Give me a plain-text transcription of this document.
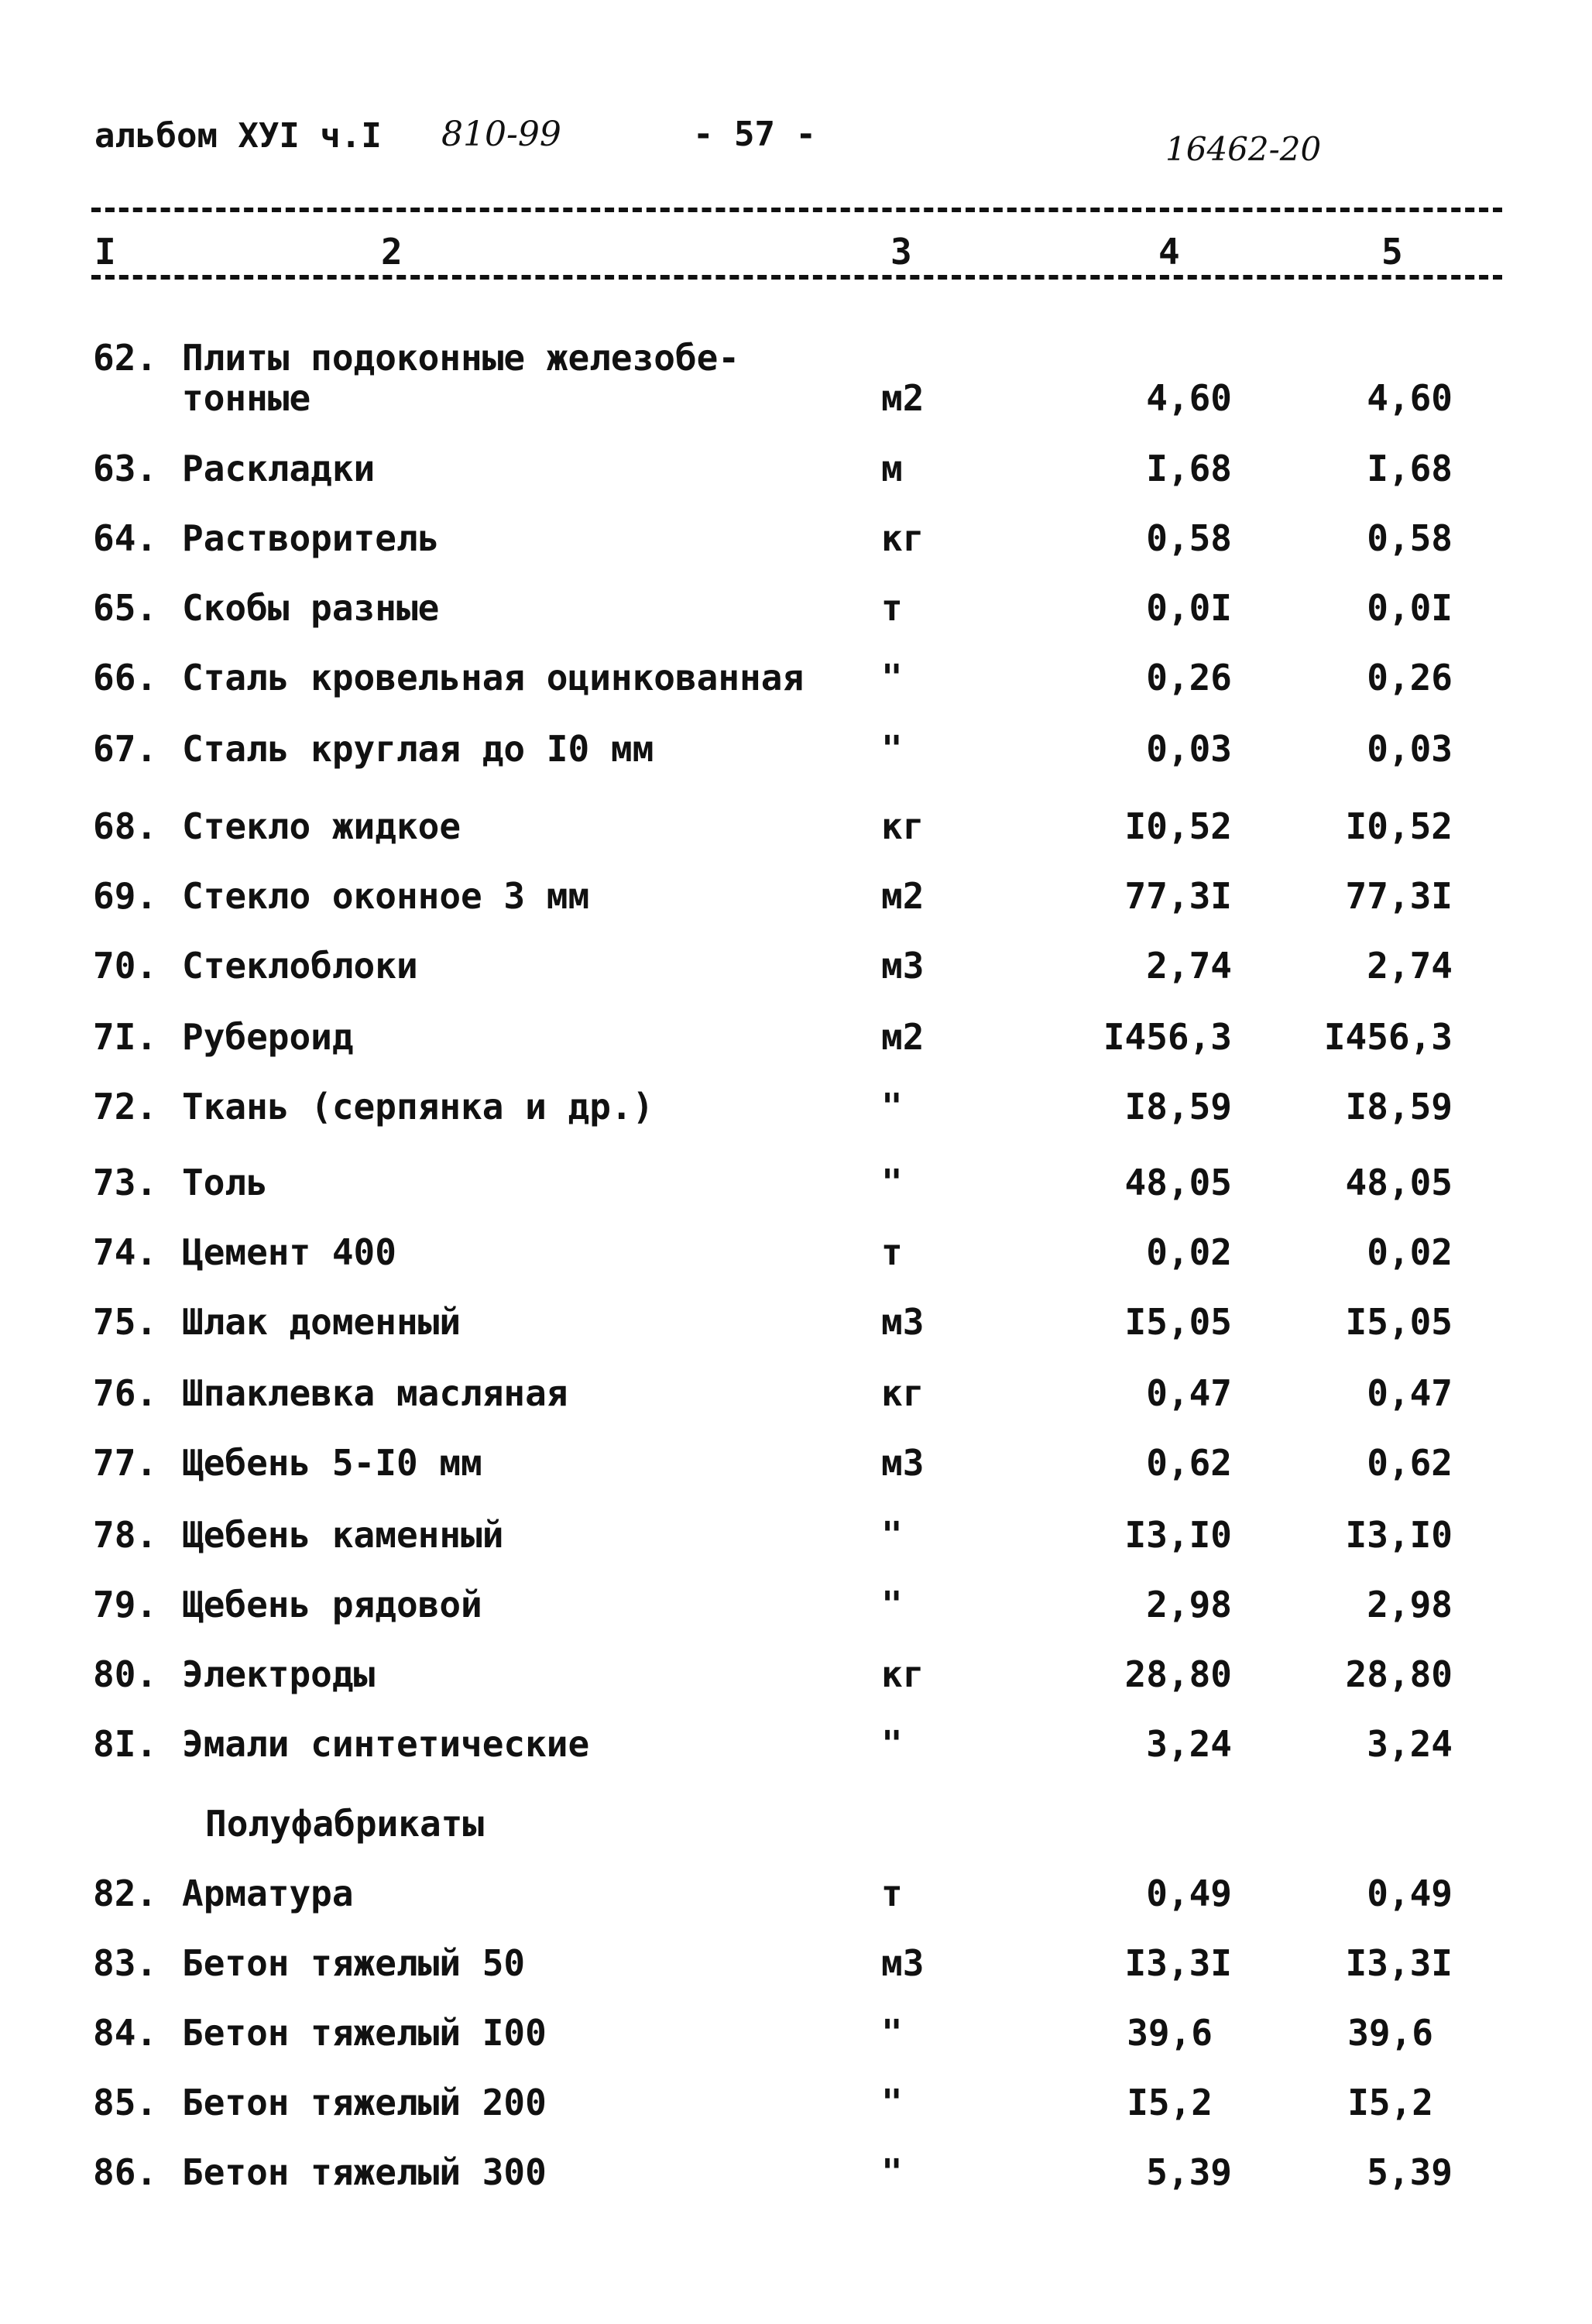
альбом ХУI ч.I 810-99	- 57 -	16462-20
I	2	3	4	5
62. Плиты подоконные железобе-
тонные	м2	4,60	4,60
63. Раскладки	м	I,68	I,68
64. Растворитель	кг	0,58	0,58
65. Скобы разные	т	0,0I	0,0I
66. Сталь кровельная оцинкованная "	0,26	0,26
67. Сталь круглая до I0 мм	"	0,03	0,03
68. Стекло жидкое	кг	I0,52	I0,52
69. Стекло оконное 3 мм	м2	77,3I	77,3I
70. Стеклоблоки	м3	2,74	2,74
7I. Рубероид	м2	I456,3	I456,3
72. Ткань (серпянка и др.)	"	I8,59	I8,59
73. Толь	"	48,05	48,05
74. Цемент 400	т	0,02	0,02
75. Шлак доменный	м3	I5,05	I5,05
76. Шпаклевка масляная	кг	0,47	0,47
77. Щебень 5-I0 мм	м3	0,62	0,62
78. Щебень каменный	"	I3,I0	I3,I0
79. Щебень рядовой	"	2,98	2,98
80. Электроды	кг	28,80	28,80
8I. Эмали синтетические	"	3,24	3,24
Полуфабрикаты
82. Арматура	т	0,49	0,49
83. Бетон тяжелый 50	м3	I3,3I	I3,3I
84. Бетон тяжелый I00	"	39,6	39,6
85. Бетон тяжелый 200	"	I5,2	I5,2
86. Бетон тяжелый 300	"	5,39	5,39
